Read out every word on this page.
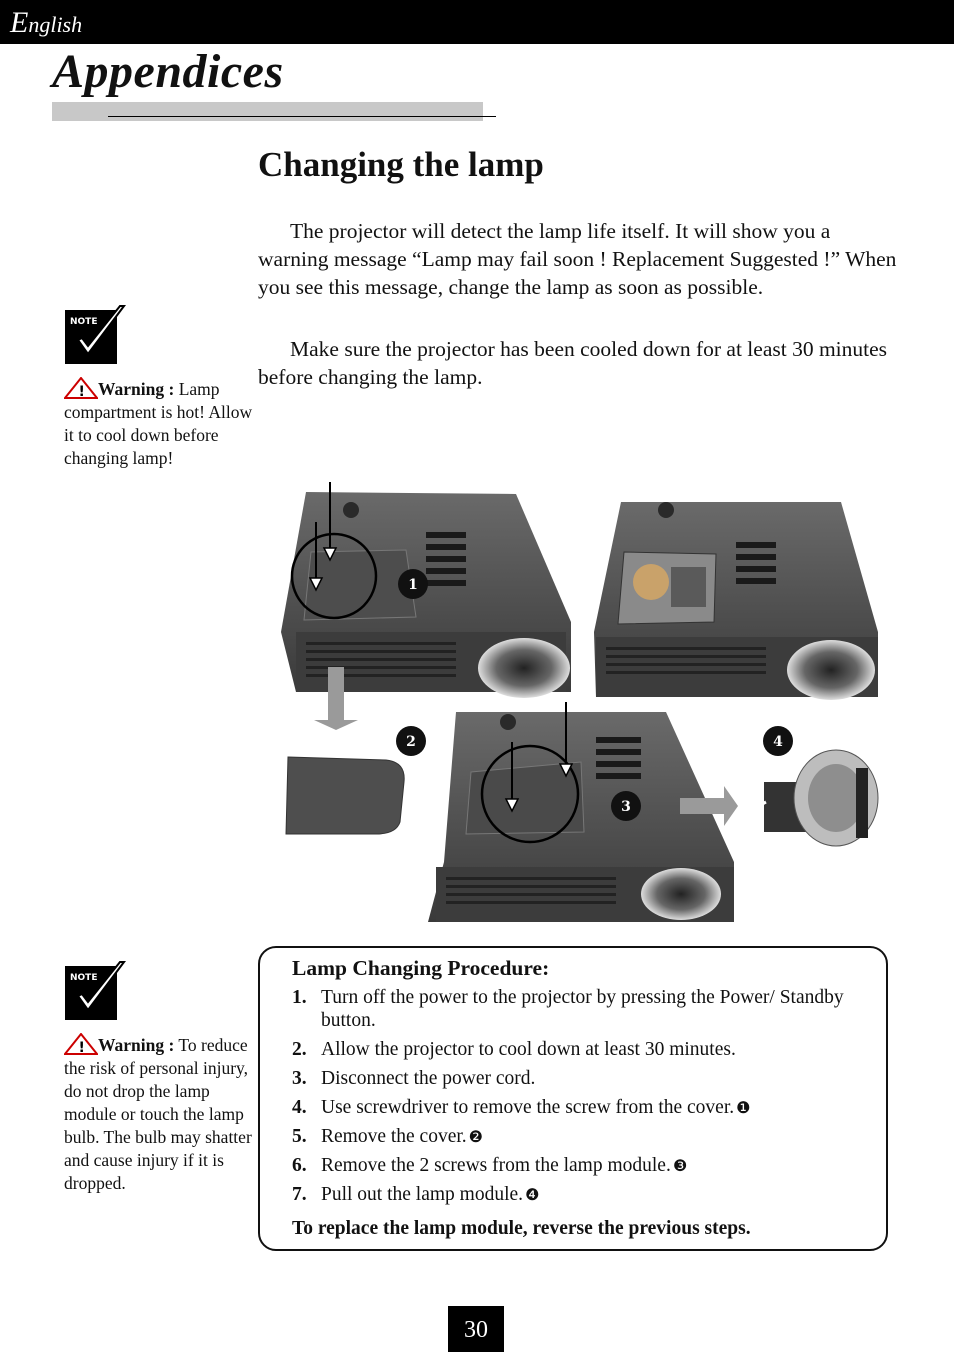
English
Appendices
Changing the lamp

The projector will detect the lamp life itself. It will show you a warning message “Lamp may fail soon ! Replacement Suggested !” When you see this message, change the lamp as soon as possible.

Make sure the projector has been cooled down for at least 30 minutes before changing the lamp.

NOTE
! Warning : Lamp compartment is hot! Allow it to cool down before changing lamp!
1
2
3
4
NOTE
! Warning : To reduce the risk of personal injury, do not drop the lamp module or touch the lamp bulb. The bulb may shatter and cause injury if it is dropped.
Lamp Changing Procedure:
1. Turn off the power to the projector by pressing the Power/ Standby button.
2. Allow the projector to cool down at least 30 minutes.
3. Disconnect the power cord.
4. Use screwdriver to remove the screw from the cover. ❶
5. Remove the cover. ❷
6. Remove the 2 screws from the lamp module. ❸
7. Pull out the lamp module. ❹
To replace the lamp module, reverse the previous steps.
30
